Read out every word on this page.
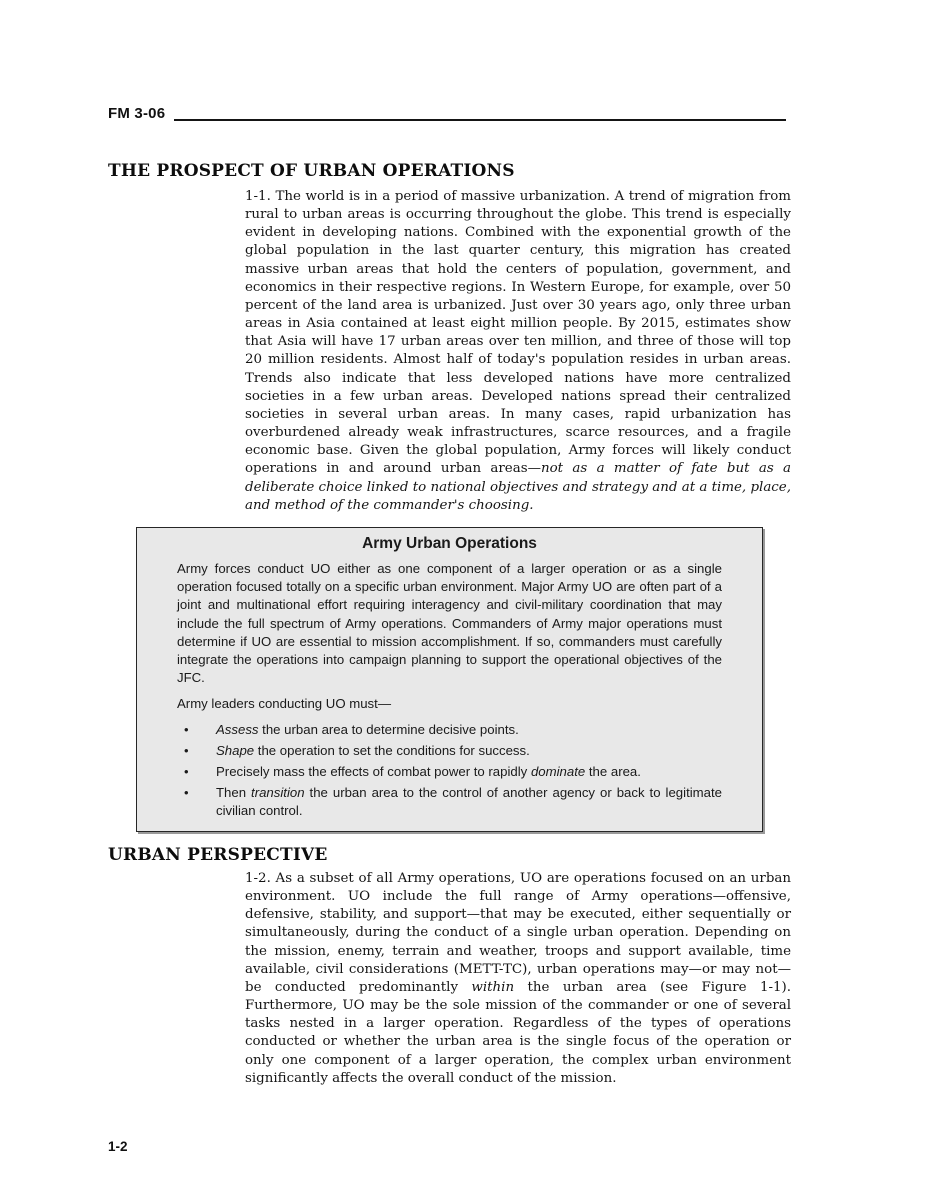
FM 3-06
THE PROSPECT OF URBAN OPERATIONS

1-1. The world is in a period of massive urbanization. A trend of migration from rural to urban areas is occurring throughout the globe. This trend is especially evident in developing nations. Combined with the exponential growth of the global population in the last quarter century, this migration has created massive urban areas that hold the centers of population, government, and economics in their respective regions. In Western Europe, for example, over 50 percent of the land area is urbanized. Just over 30 years ago, only three urban areas in Asia contained at least eight million people. By 2015, estimates show that Asia will have 17 urban areas over ten million, and three of those will top 20 million residents. Almost half of today's population resides in urban areas. Trends also indicate that less developed nations have more centralized societies in a few urban areas. Developed nations spread their centralized societies in several urban areas. In many cases, rapid urbanization has overburdened already weak infrastructures, scarce resources, and a fragile economic base. Given the global population, Army forces will likely conduct operations in and around urban areas—not as a matter of fate but as a deliberate choice linked to national objectives and strategy and at a time, place, and method of the commander's choosing.

Army Urban Operations

Army forces conduct UO either as one component of a larger operation or as a single operation focused totally on a specific urban environment. Major Army UO are often part of a joint and multinational effort requiring interagency and civil-military coordination that may include the full spectrum of Army operations. Commanders of Army major operations must determine if UO are essential to mission accomplishment. If so, commanders must carefully integrate the operations into campaign planning to support the operational objectives of the JFC.

Army leaders conducting UO must—

• Assess the urban area to determine decisive points.
• Shape the operation to set the conditions for success.
• Precisely mass the effects of combat power to rapidly dominate the area.
• Then transition the urban area to the control of another agency or back to legitimate civilian control.
URBAN PERSPECTIVE

1-2. As a subset of all Army operations, UO are operations focused on an urban environment. UO include the full range of Army operations—offensive, defensive, stability, and support—that may be executed, either sequentially or simultaneously, during the conduct of a single urban operation. Depending on the mission, enemy, terrain and weather, troops and support available, time available, civil considerations (METT-TC), urban operations may—or may not—be conducted predominantly within the urban area (see Figure 1-1). Furthermore, UO may be the sole mission of the commander or one of several tasks nested in a larger operation. Regardless of the types of operations conducted or whether the urban area is the single focus of the operation or only one component of a larger operation, the complex urban environment significantly affects the overall conduct of the mission.

1-2
